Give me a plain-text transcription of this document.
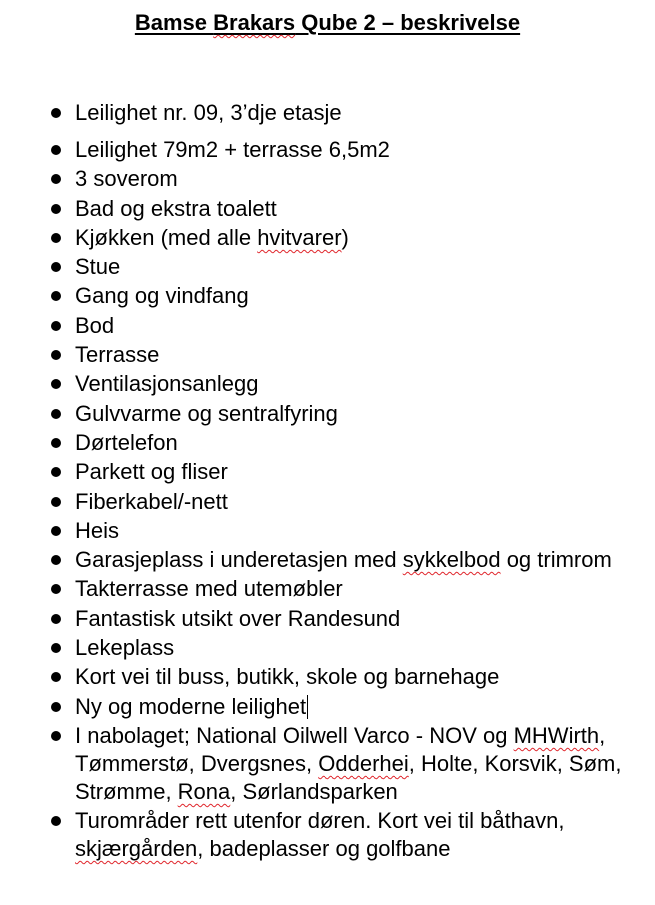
Bamse Brakars Qube 2 – beskrivelse
Leilighet nr. 09, 3’dje etasje
Leilighet 79m2 + terrasse 6,5m2
3 soverom
Bad og ekstra toalett
Kjøkken (med alle hvitvarer)
Stue
Gang og vindfang
Bod
Terrasse
Ventilasjonsanlegg
Gulvvarme og sentralfyring
Dørtelefon
Parkett og fliser
Fiberkabel/-nett
Heis
Garasjeplass i underetasjen med sykkelbod og trimrom
Takterrasse med utemøbler
Fantastisk utsikt over Randesund
Lekeplass
Kort vei til buss, butikk, skole og barnehage
Ny og moderne leilighet
I nabolaget; National Oilwell Varco - NOV og MHWirth, Tømmerstø, Dvergsnes, Odderhei, Holte, Korsvik, Søm, Strømme, Rona, Sørlandsparken
Turområder rett utenfor døren. Kort vei til båthavn, skjærgården, badeplasser og golfbane
